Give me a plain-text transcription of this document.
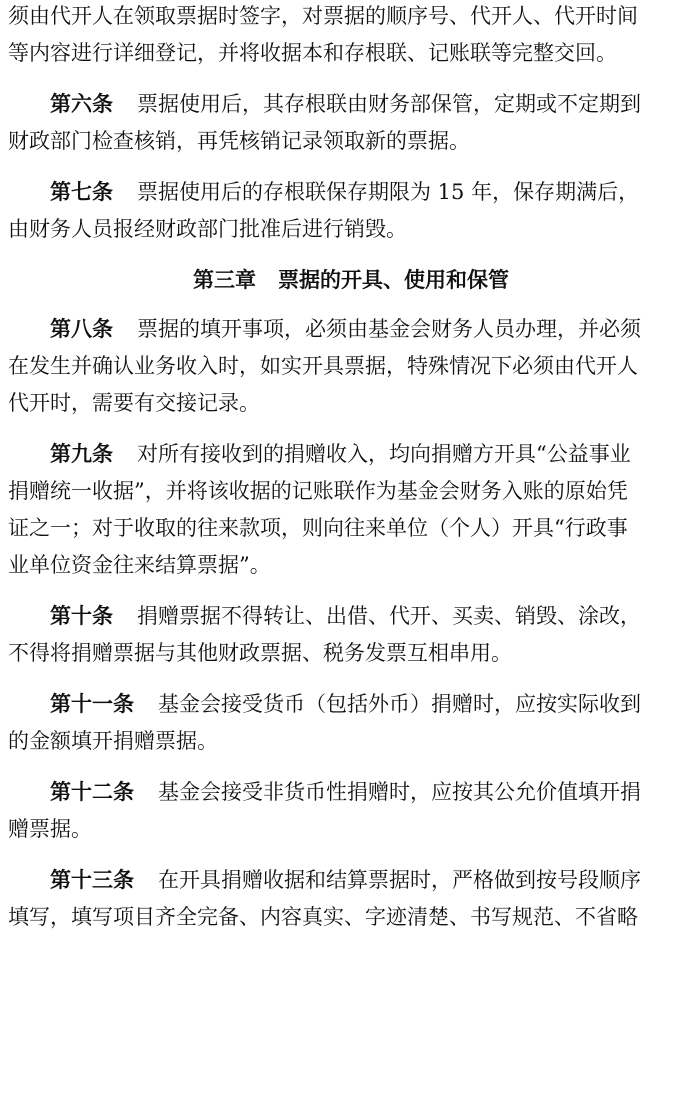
须由代开人在领取票据时签字，对票据的顺序号、代开人、代开时间
等内容进行详细登记，并将收据本和存根联、记账联等完整交回。
第六条 票据使用后，其存根联由财务部保管，定期或不定期到
财政部门检查核销，再凭核销记录领取新的票据。
第七条 票据使用后的存根联保存期限为 15 年，保存期满后，
由财务人员报经财政部门批准后进行销毁。
第三章 票据的开具、使用和保管
第八条 票据的填开事项，必须由基金会财务人员办理，并必须
在发生并确认业务收入时，如实开具票据，特殊情况下必须由代开人
代开时，需要有交接记录。
第九条 对所有接收到的捐赠收入，均向捐赠方开具“公益事业
捐赠统一收据”，并将该收据的记账联作为基金会财务入账的原始凭
证之一；对于收取的往来款项，则向往来单位（个人）开具“行政事
业单位资金往来结算票据”。
第十条 捐赠票据不得转让、出借、代开、买卖、销毁、涂改，
不得将捐赠票据与其他财政票据、税务发票互相串用。
第十一条 基金会接受货币（包括外币）捐赠时，应按实际收到
的金额填开捐赠票据。
第十二条 基金会接受非货币性捐赠时，应按其公允价值填开捐
赠票据。
第十三条 在开具捐赠收据和结算票据时，严格做到按号段顺序
填写，填写项目齐全完备、内容真实、字迹清楚、书写规范、不省略
